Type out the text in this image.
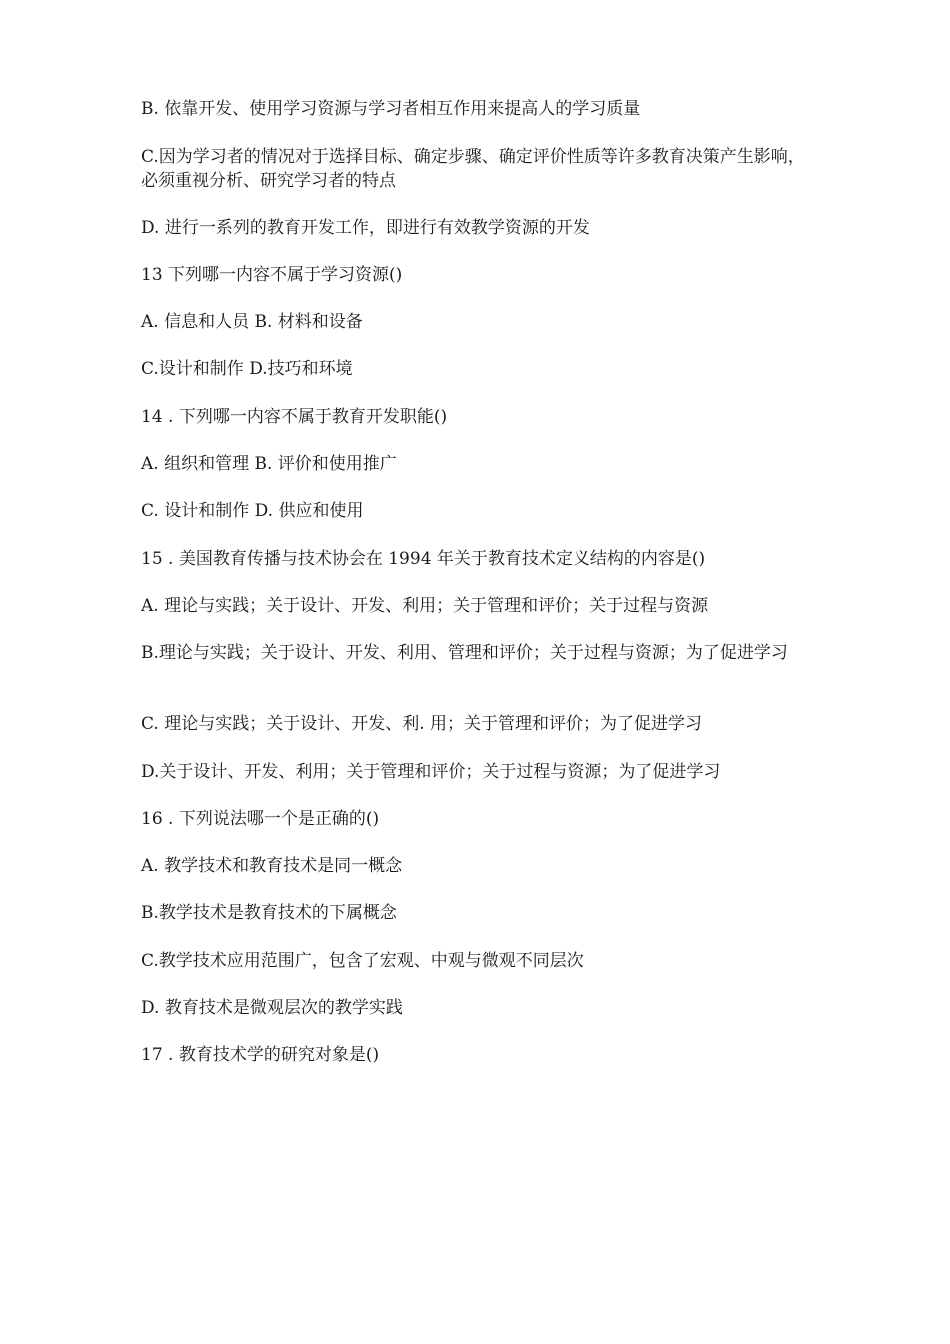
B. 依靠开发、使用学习资源与学习者相互作用来提高人的学习质量

C.因为学习者的情况对于选择目标、确定步骤、确定评价性质等许多教育决策产生影响，必须重视分析、研究学习者的特点

D. 进行一系列的教育开发工作，即进行有效教学资源的开发

13 下列哪一内容不属于学习资源()

A. 信息和人员 B. 材料和设备

C.设计和制作 D.技巧和环境

14 . 下列哪一内容不属于教育开发职能()

A. 组织和管理 B. 评价和使用推广

C. 设计和制作 D. 供应和使用

15 . 美国教育传播与技术协会在 1994 年关于教育技术定义结构的内容是()

A. 理论与实践；关于设计、开发、利用；关于管理和评价；关于过程与资源

B.理论与实践；关于设计、开发、利用、管理和评价；关于过程与资源；为了促进学习

C. 理论与实践；关于设计、开发、利. 用；关于管理和评价；为了促进学习

D.关于设计、开发、利用；关于管理和评价；关于过程与资源；为了促进学习

16 . 下列说法哪一个是正确的()

A. 教学技术和教育技术是同一概念

B.教学技术是教育技术的下属概念

C.教学技术应用范围广，包含了宏观、中观与微观不同层次

D. 教育技术是微观层次的教学实践

17 . 教育技术学的研究对象是()
